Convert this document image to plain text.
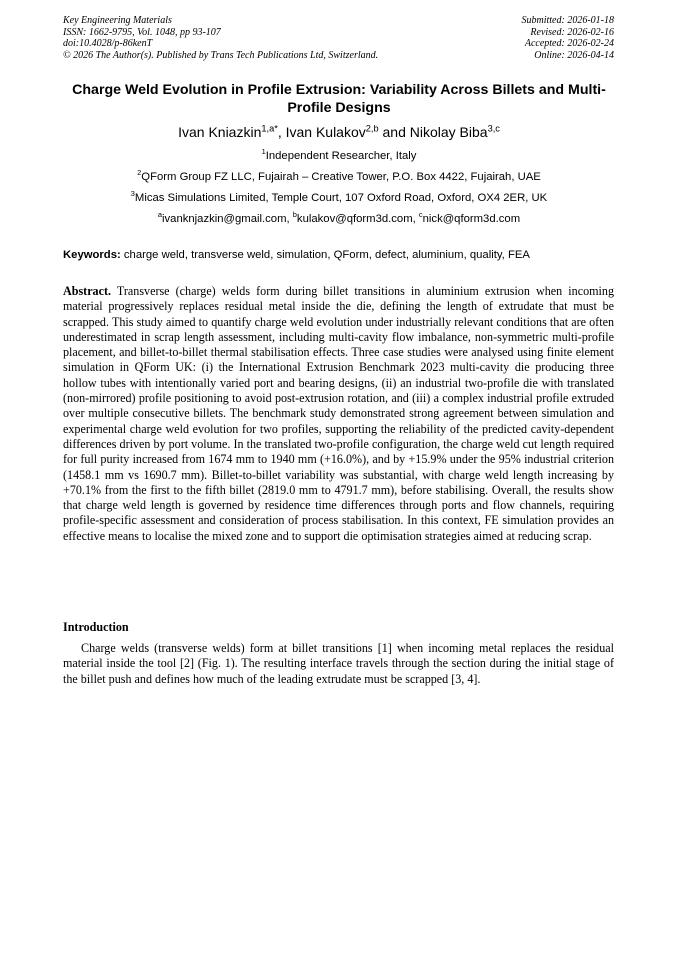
Key Engineering Materials
ISSN: 1662-9795, Vol. 1048, pp 93-107
doi:10.4028/p-86kenT
© 2026 The Author(s). Published by Trans Tech Publications Ltd, Switzerland.
Submitted: 2026-01-18
Revised: 2026-02-16
Accepted: 2026-02-24
Online: 2026-04-14
Charge Weld Evolution in Profile Extrusion: Variability Across Billets and Multi-Profile Designs
Ivan Kniazkin$^{1,a*}$, Ivan Kulakov$^{2,b}$ and Nikolay Biba$^{3,c}$
$^1$Independent Researcher, Italy
$^2$QForm Group FZ LLC, Fujairah – Creative Tower, P.O. Box 4422, Fujairah, UAE
$^3$Micas Simulations Limited, Temple Court, 107 Oxford Road, Oxford, OX4 2ER, UK
$^a$ivanknjazkin@gmail.com, $^b$kulakov@qform3d.com, $^c$nick@qform3d.com
Keywords: charge weld, transverse weld, simulation, QForm, defect, aluminium, quality, FEA
Abstract. Transverse (charge) welds form during billet transitions in aluminium extrusion when incoming material progressively replaces residual metal inside the die, defining the length of extrudate that must be scrapped. This study aimed to quantify charge weld evolution under industrially relevant conditions that are often underestimated in scrap length assessment, including multi-cavity flow imbalance, non-symmetric multi-profile placement, and billet-to-billet thermal stabilisation effects. Three case studies were analysed using finite element simulation in QForm UK: (i) the International Extrusion Benchmark 2023 multi-cavity die producing three hollow tubes with intentionally varied port and bearing designs, (ii) an industrial two-profile die with translated (non-mirrored) profile positioning to avoid post-extrusion rotation, and (iii) a complex industrial profile extruded over multiple consecutive billets. The benchmark study demonstrated strong agreement between simulation and experimental charge weld evolution for two profiles, supporting the reliability of the predicted cavity-dependent differences driven by port volume. In the translated two-profile configuration, the charge weld cut length required for full purity increased from 1674 mm to 1940 mm (+16.0%), and by +15.9% under the 95% industrial criterion (1458.1 mm vs 1690.7 mm). Billet-to-billet variability was substantial, with charge weld length increasing by +70.1% from the first to the fifth billet (2819.0 mm to 4791.7 mm), before stabilising. Overall, the results show that charge weld length is governed by residence time differences through ports and flow channels, requiring profile-specific assessment and consideration of process stabilisation. In this context, FE simulation provides an effective means to localise the mixed zone and to support die optimisation strategies aimed at reducing scrap.
Introduction
Charge welds (transverse welds) form at billet transitions [1] when incoming metal replaces the residual material inside the tool [2] (Fig. 1). The resulting interface travels through the section during the initial stage of the billet push and defines how much of the leading extrudate must be scrapped [3, 4].
